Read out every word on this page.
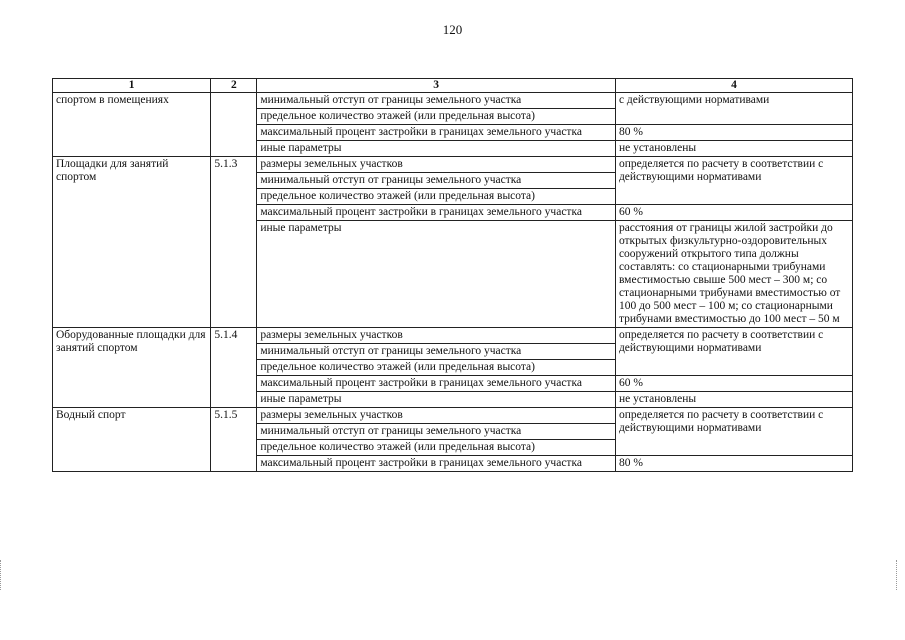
120
1	2	3	4
спортом в помещениях		минимальный отступ от границы земельного участка	с действующими нормативами
		предельное количество этажей (или предельная высота)	
		максимальный процент застройки в границах земельного участка	80 %
		иные параметры	не установлены
Площадки для занятий спортом	5.1.3	размеры земельных участков	определяется по расчету в соответствии с действующими нормативами
		минимальный отступ от границы земельного участка	
		предельное количество этажей (или предельная высота)	
		максимальный процент застройки в границах земельного участка	60 %
		иные параметры	расстояния от границы жилой застройки до открытых физкультурно-оздоровительных сооружений открытого типа должны составлять: со стационарными трибунами вместимостью свыше 500 мест – 300 м; со стационарными трибунами вместимостью от 100 до 500 мест – 100 м; со стационарными трибунами вместимостью до 100 мест – 50 м
Оборудованные площадки для занятий спортом	5.1.4	размеры земельных участков	определяется по расчету в соответствии с действующими нормативами
		минимальный отступ от границы земельного участка	
		предельное количество этажей (или предельная высота)	
		максимальный процент застройки в границах земельного участка	60 %
		иные параметры	не установлены
Водный спорт	5.1.5	размеры земельных участков	определяется по расчету в соответствии с действующими нормативами
		минимальный отступ от границы земельного участка	
		предельное количество этажей (или предельная высота)	
		максимальный процент застройки в границах земельного участка	80 %
